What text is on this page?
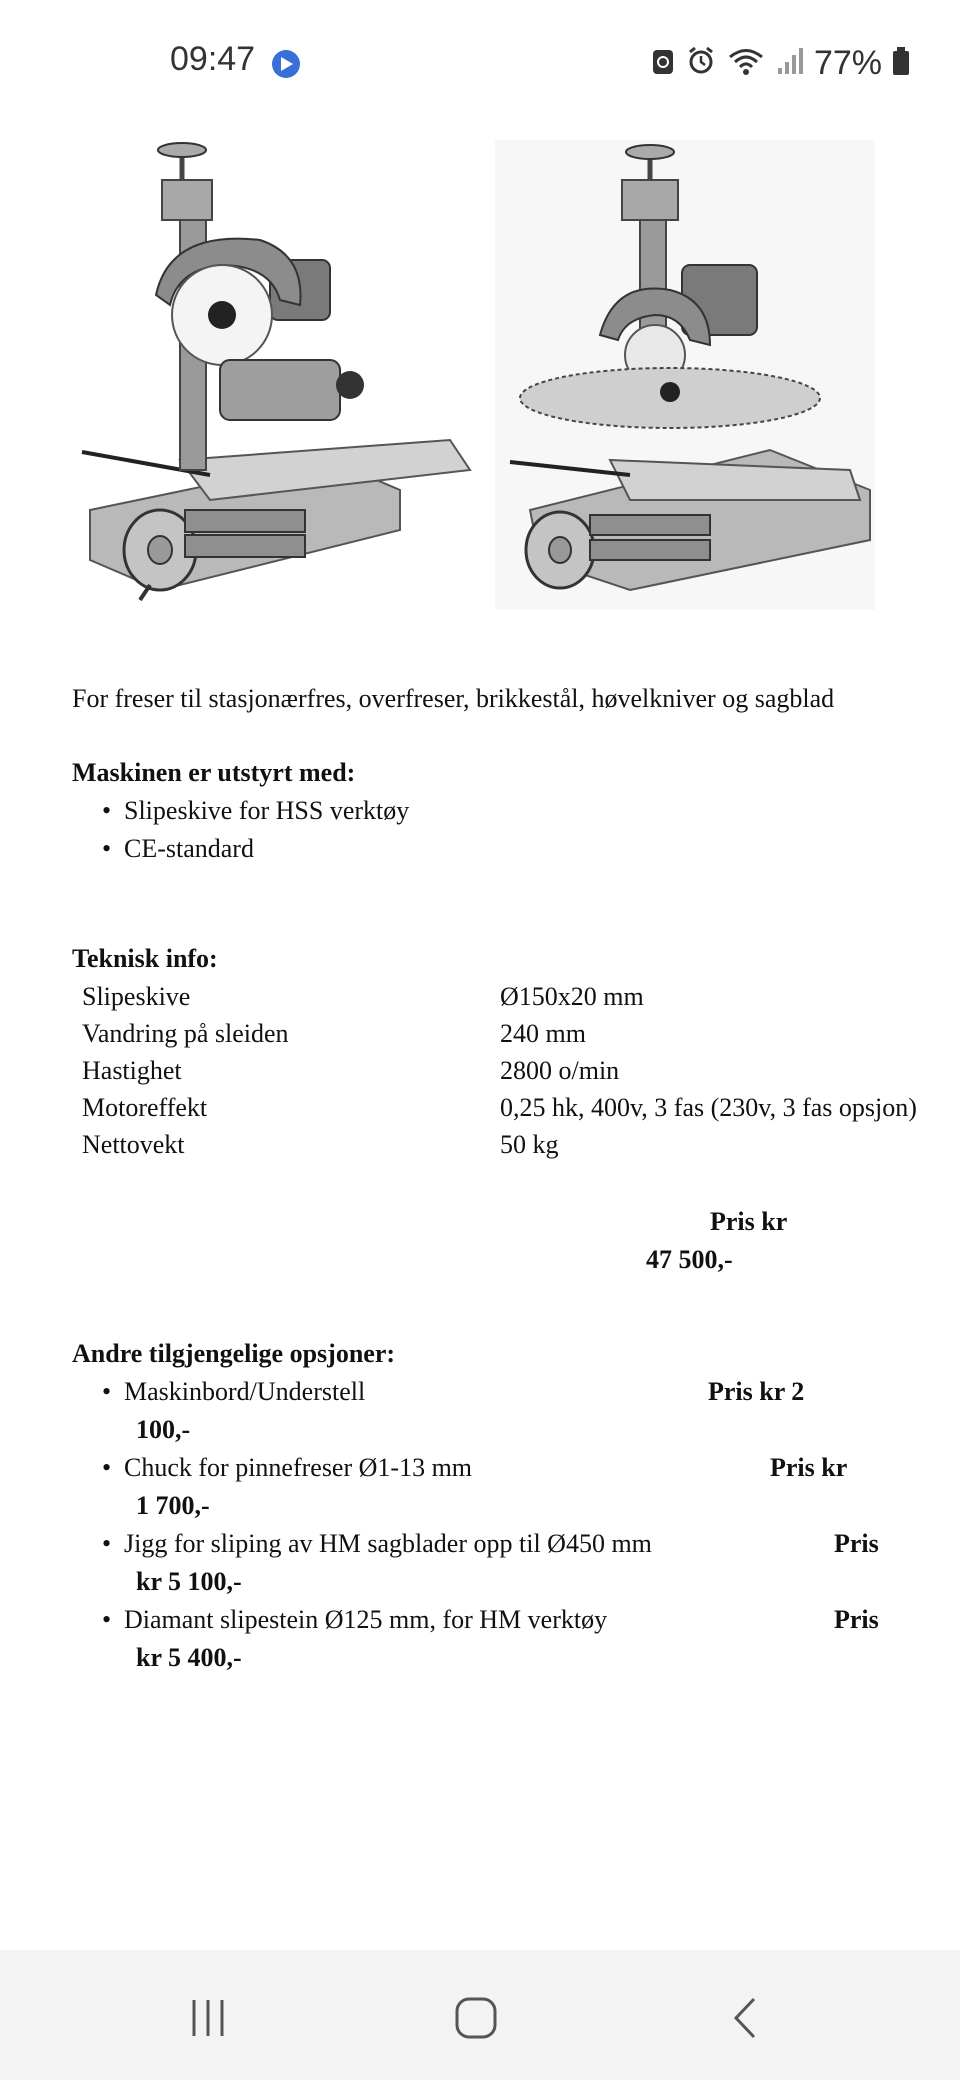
09:47	77%

For freser til stasjonærfres, overfreser, brikkestål, høvelkniver og sagblad

Maskinen er utstyrt med:

• Slipeskive for HSS verktøy
• CE-standard

Teknisk info:

Slipeskive	Ø150x20 mm
Vandring på sleiden	240 mm
Hastighet	2800 o/min
Motoreffekt	0,25 hk, 400v, 3 fas (230v, 3 fas opsjon)
Nettovekt	50 kg
Pris kr
47 500,-

Andre tilgjengelige opsjoner:

• Maskinbord/Understell	Pris kr 2
100,-
• Chuck for pinnefreser Ø1-13 mm	Pris kr
1 700,-
• Jigg for sliping av HM sagblader opp til Ø450 mm	Pris
kr 5 100,-
• Diamant slipestein Ø125 mm, for HM verktøy	Pris
kr 5 400,-
